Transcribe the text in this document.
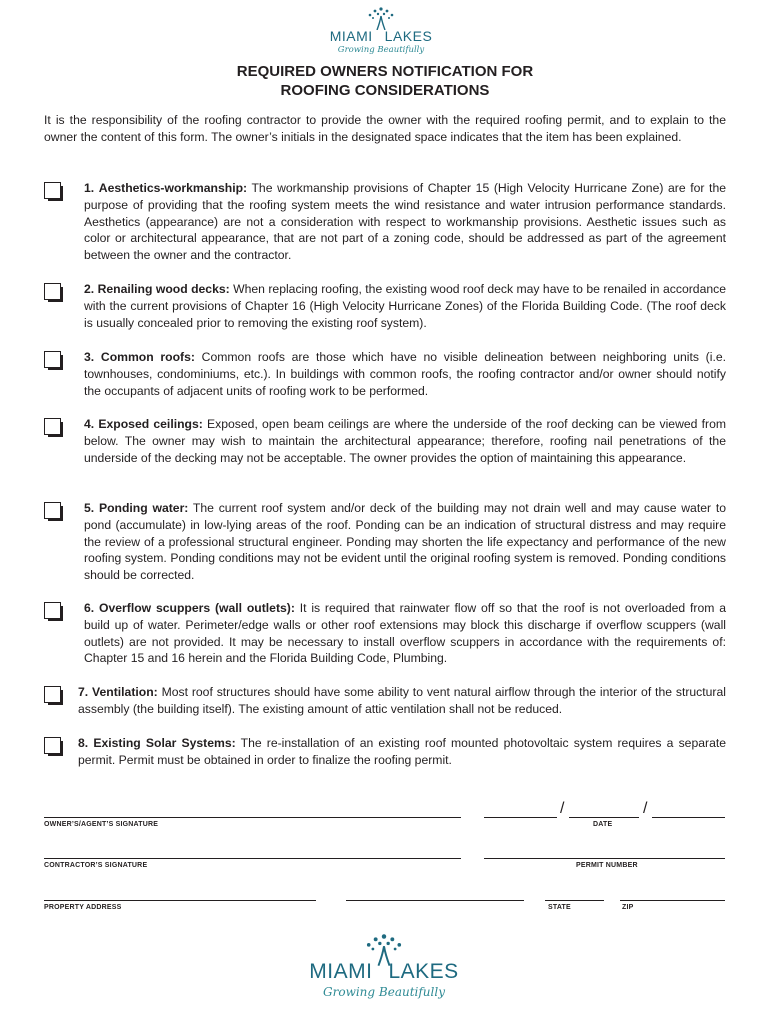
MIAMI LAKES
Growing Beautifully
REQUIRED OWNERS NOTIFICATION FOR
ROOFING CONSIDERATIONS
It is the responsibility of the roofing contractor to provide the owner with the required roofing permit, and to explain to the owner the content of this form. The owner’s initials in the designated space indicates that the item has been explained.
1. Aesthetics-workmanship: The workmanship provisions of Chapter 15 (High Velocity Hurricane Zone) are for the purpose of providing that the roofing system meets the wind resistance and water intrusion performance standards. Aesthetics (appearance) are not a consideration with respect to workmanship provisions. Aesthetic issues such as color or architectural appearance, that are not part of a zoning code, should be addressed as part of the agreement between the owner and the contractor.
2. Renailing wood decks: When replacing roofing, the existing wood roof deck may have to be renailed in accordance with the current provisions of Chapter 16 (High Velocity Hurricane Zones) of the Florida Building Code. (The roof deck is usually concealed prior to removing the existing roof system).
3. Common roofs: Common roofs are those which have no visible delineation between neighboring units (i.e. townhouses, condominiums, etc.). In buildings with common roofs, the roofing contractor and/or owner should notify the occupants of adjacent units of roofing work to be performed.
4. Exposed ceilings: Exposed, open beam ceilings are where the underside of the roof decking can be viewed from below. The owner may wish to maintain the architectural appearance; therefore, roofing nail penetrations of the underside of the decking may not be acceptable. The owner provides the option of maintaining this appearance.
5. Ponding water: The current roof system and/or deck of the building may not drain well and may cause water to pond (accumulate) in low-lying areas of the roof. Ponding can be an indication of structural distress and may require the review of a professional structural engineer. Ponding may shorten the life expectancy and performance of the new roofing system. Ponding conditions may not be evident until the original roofing system is removed. Ponding conditions should be corrected.
6. Overflow scuppers (wall outlets): It is required that rainwater flow off so that the roof is not overloaded from a build up of water. Perimeter/edge walls or other roof extensions may block this discharge if overflow scuppers (wall outlets) are not provided. It may be necessary to install overflow scuppers in accordance with the requirements of: Chapter 15 and 16 herein and the Florida Building Code, Plumbing.
7. Ventilation: Most roof structures should have some ability to vent natural airflow through the interior of the structural assembly (the building itself). The existing amount of attic ventilation shall not be reduced.
8. Existing Solar Systems: The re-installation of an existing roof mounted photovoltaic system requires a separate permit. Permit must be obtained in order to finalize the roofing permit.
/	/
OWNER’S/AGENT’S SIGNATURE	DATE
CONTRACTOR’S SIGNATURE	PERMIT NUMBER
PROPERTY ADDRESS	STATE	ZIP
MIAMI LAKES
Growing Beautifully
